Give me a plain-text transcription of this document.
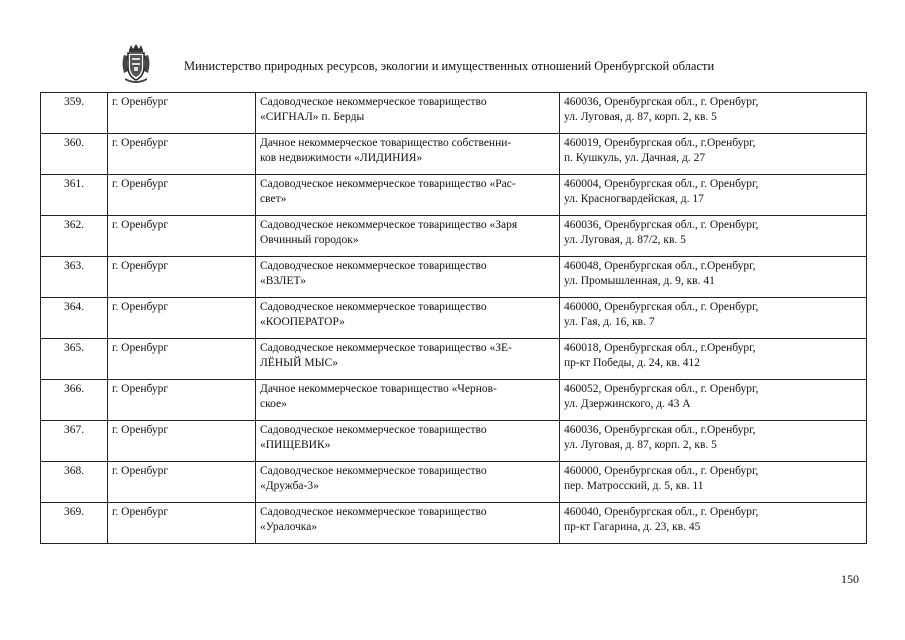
Министерство природных ресурсов, экологии и имущественных отношений Оренбургской области
359.	г. Оренбург	Садоводческое некоммерческое товарищество
«СИГНАЛ» п. Берды	460036, Оренбургская обл., г. Оренбург,
ул. Луговая, д. 87, корп. 2, кв. 5
360.	г. Оренбург	Дачное некоммерческое товарищество собственни-
ков недвижимости «ЛИДИНИЯ»	460019, Оренбургская обл., г.Оренбург,
п. Кушкуль, ул. Дачная, д. 27
361.	г. Оренбург	Садоводческое некоммерческое товарищество «Рас-
свет»	460004, Оренбургская обл., г. Оренбург,
ул. Красногвардейская, д. 17
362.	г. Оренбург	Садоводческое некоммерческое товарищество «Заря
Овчинный городок»	460036, Оренбургская обл., г. Оренбург,
ул. Луговая, д. 87/2, кв. 5
363.	г. Оренбург	Садоводческое некоммерческое товарищество
«ВЗЛЕТ»	460048, Оренбургская обл., г.Оренбург,
ул. Промышленная, д. 9, кв. 41
364.	г. Оренбург	Садоводческое некоммерческое товарищество
«КООПЕРАТОР»	460000, Оренбургская обл., г. Оренбург,
ул. Гая, д. 16, кв. 7
365.	г. Оренбург	Садоводческое некоммерческое товарищество «ЗЕ-
ЛЁНЫЙ МЫС»	460018, Оренбургская обл., г.Оренбург,
пр-кт Победы, д. 24, кв. 412
366.	г. Оренбург	Дачное некоммерческое товарищество «Чернов-
ское»	460052, Оренбургская обл., г. Оренбург,
ул. Дзержинского, д. 43 А
367.	г. Оренбург	Садоводческое некоммерческое товарищество
«ПИЩЕВИК»	460036, Оренбургская обл., г.Оренбург,
ул. Луговая, д. 87, корп. 2, кв. 5
368.	г. Оренбург	Садоводческое некоммерческое товарищество
«Дружба-3»	460000, Оренбургская обл., г. Оренбург,
пер. Матросский, д. 5, кв. 11
369.	г. Оренбург	Садоводческое некоммерческое товарищество
«Уралочка»	460040, Оренбургская обл., г. Оренбург,
пр-кт Гагарина, д. 23, кв. 45
150
